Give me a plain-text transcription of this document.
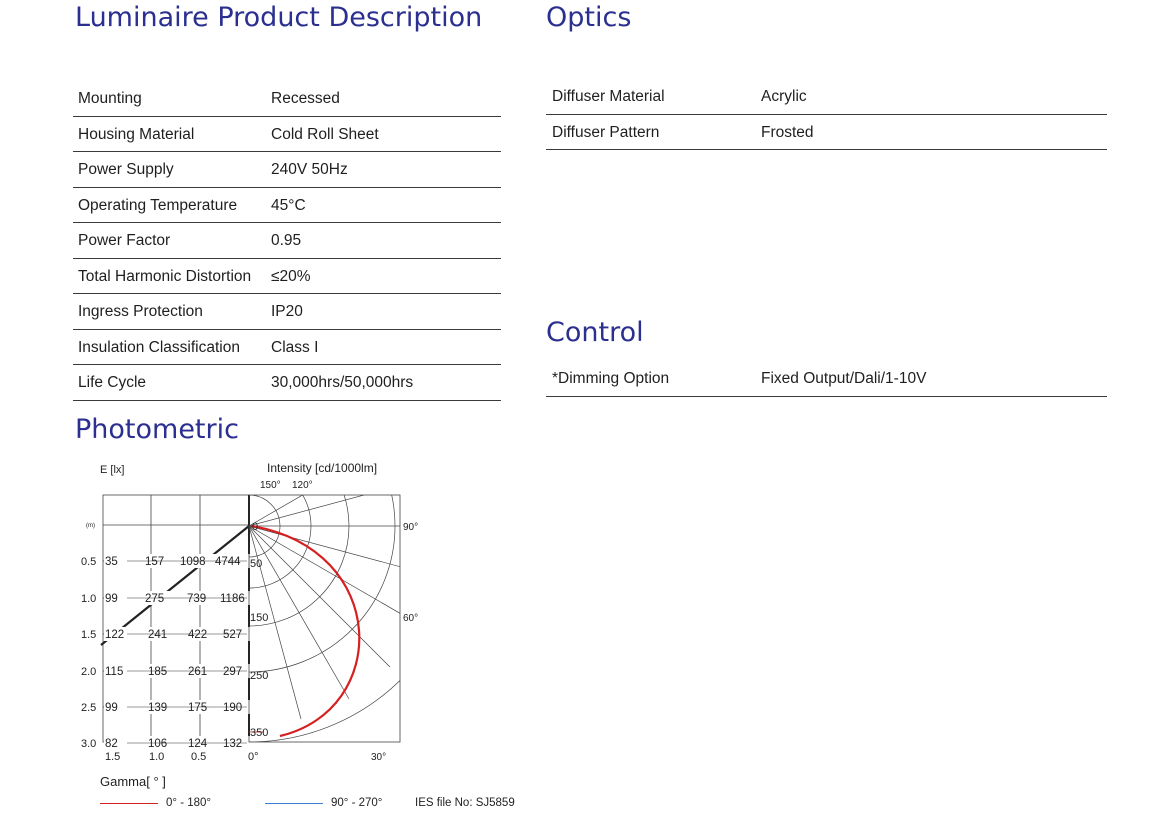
Luminaire Product Description Optics
Control
Photometric
Mounting	Recessed
Housing Material	Cold Roll Sheet
Power Supply	240V 50Hz
Operating Temperature 45°C
Power Factor	0.95
Total Harmonic Distortion ≤20%
Ingress Protection	IP20
Insulation Classification Class I
Life Cycle	30,000hrs/50,000hrs
Diffuser Material	Acrylic
Diffuser Pattern	Frosted
*Dimming Option	Fixed Output/Dali/1-10V
35 157 1098 4744
99 275 739 1186
122 241 422 527
115 185 261 297
99	139 175 190
82	106 124 132
E [lx]
(m)
0.5
1.0
1.5
2.0
2.5
3.0
1.5	1.0 0.5	0°
Intensity [cd/1000lm]
150° 120°
90°
60°
30°
0
50
150
250
350
Gamma[ ° ]
0° - 180°	90° - 270°	IES file No: SJ5859
